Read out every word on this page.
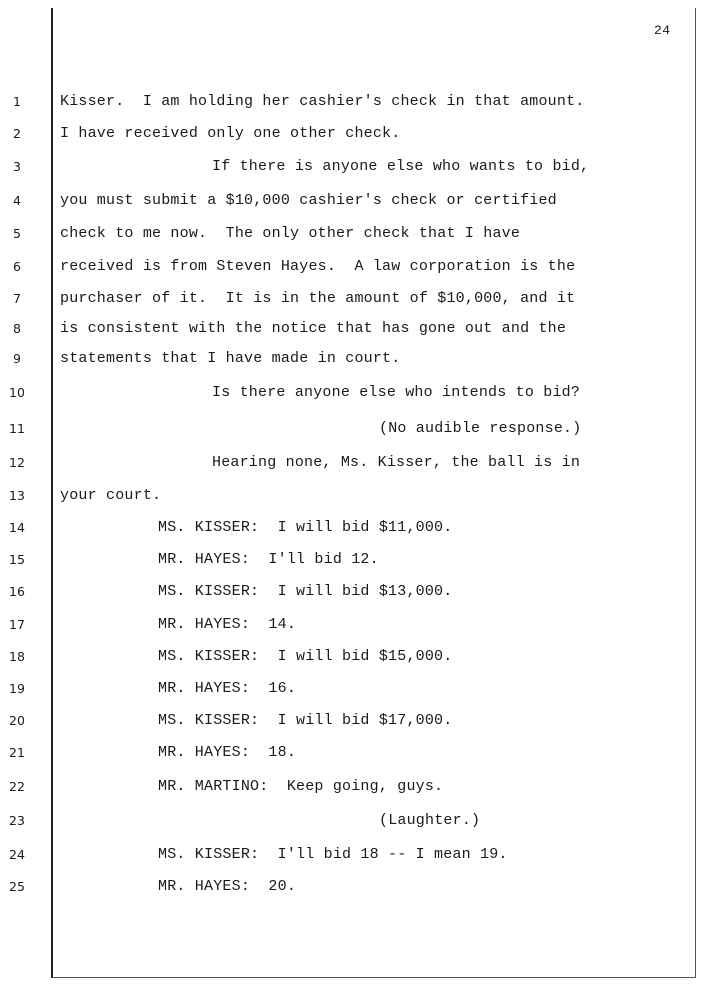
24
1
2
3
4
5
6
7
8
9
10
11
12
13
14
15
16
17
18
19
20
21
22
23
24
25
Kisser.  I am holding her cashier's check in that amount.
I have received only one other check.
If there is anyone else who wants to bid,
you must submit a $10,000 cashier's check or certified
check to me now.  The only other check that I have
received is from Steven Hayes.  A law corporation is the
purchaser of it.  It is in the amount of $10,000, and it
is consistent with the notice that has gone out and the
statements that I have made in court.
Is there anyone else who intends to bid?
(No audible response.)
Hearing none, Ms. Kisser, the ball is in
your court.
MS. KISSER:  I will bid $11,000.
MR. HAYES:  I'll bid 12.
MS. KISSER:  I will bid $13,000.
MR. HAYES:  14.
MS. KISSER:  I will bid $15,000.
MR. HAYES:  16.
MS. KISSER:  I will bid $17,000.
MR. HAYES:  18.
MR. MARTINO:  Keep going, guys.
(Laughter.)
MS. KISSER:  I'll bid 18 -- I mean 19.
MR. HAYES:  20.
